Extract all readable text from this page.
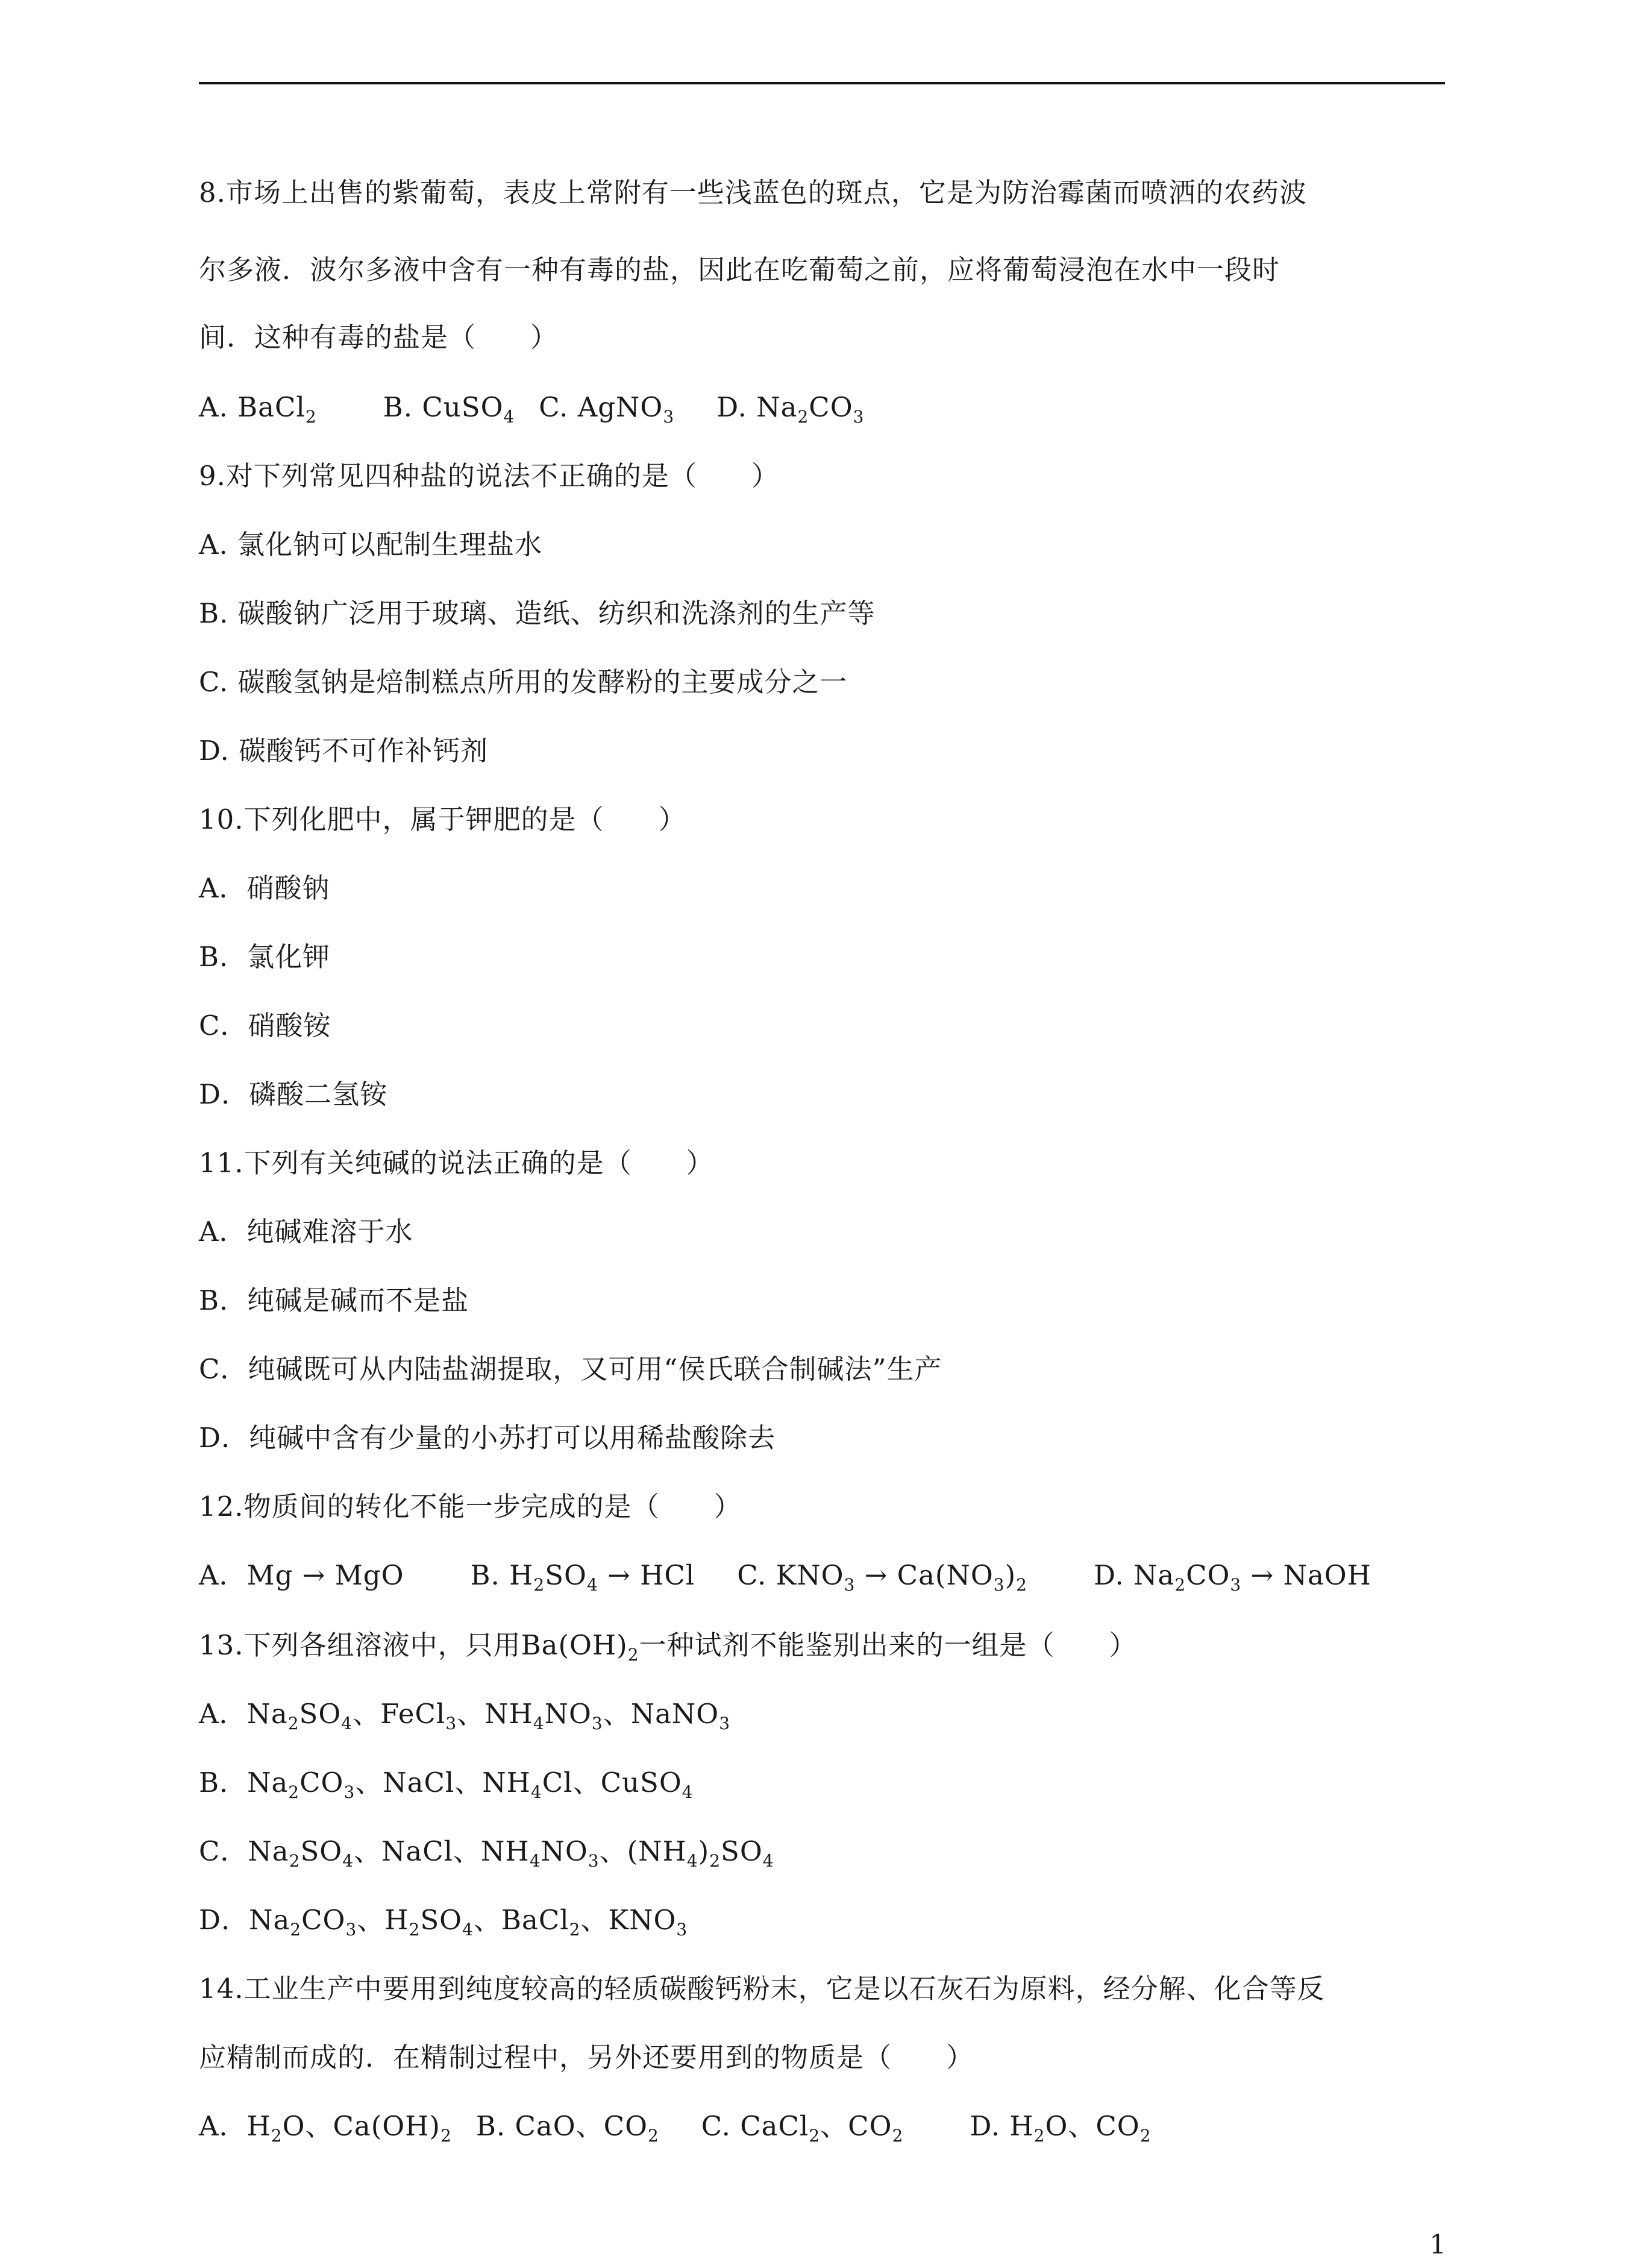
8.市场上出售的紫葡萄，表皮上常附有一些浅蓝色的斑点，它是为防治霉菌而喷洒的农药波
尔多液．波尔多液中含有一种有毒的盐，因此在吃葡萄之前，应将葡萄浸泡在水中一段时
间．这种有毒的盐是（ ）
A. BaCl$_2$ B. CuSO$_4$ C. AgNO$_3$ D. $Na_2CO_3$
9.对下列常见四种盐的说法不正确的是（ ）
A. 氯化钠可以配制生理盐水
B. 碳酸钠广泛用于玻璃、造纸、纺织和洗涤剂的生产等
C. 碳酸氢钠是焙制糕点所用的发酵粉的主要成分之一
D. 碳酸钙不可作补钙剂
10.下列化肥中，属于钾肥的是（ ）
A．硝酸钠
B．氯化钾
C．硝酸铵
D．磷酸二氢铵
11.下列有关纯碱的说法正确的是（ ）
A．纯碱难溶于水
B．纯碱是碱而不是盐
C．纯碱既可从内陆盐湖提取，又可用“侯氏联合制碱法”生产
D．纯碱中含有少量的小苏打可以用稀盐酸除去
12.物质间的转化不能一步完成的是（ ）
A．Mg → MgO B. $H_2SO_4$ → HCl C. $KNO_3 \to Ca(NO_3)_2$ D. $Na_2CO_3$ → NaOH
13.下列各组溶液中，只用$Ba(OH)_2$一种试剂不能鉴别出来的一组是（ ）
A．$Na_2SO_4$、FeCl$_3$、$NH_4NO_3$、NaNO$_3$
B．$Na_2CO_3$、NaCl、$NH_4Cl$、CuSO$_4$
C．$Na_2SO_4$、NaCl、$NH_4NO_3$、$(NH_4)_2SO_4$
D．$Na_2CO_3$、$H_2SO_4$、BaCl$_2$、$KNO_3$
14.工业生产中要用到纯度较高的轻质碳酸钙粉末，它是以石灰石为原料，经分解、化合等反
应精制而成的．在精制过程中，另外还要用到的物质是（ ）
A．$H_2O$、$Ca(OH)_2$ B. CaO、$CO_2$ C. CaCl$_2$、$CO_2$ D. $H_2O$、$CO_2$
1
